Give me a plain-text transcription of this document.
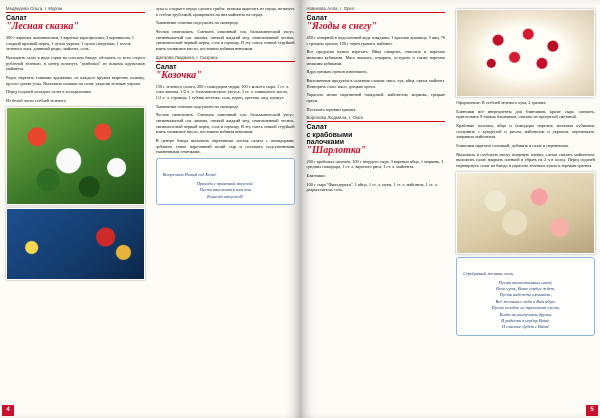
Медведева Ольга, г. Муром
Салат
"Лесная сказка"

200 г вареных шампиньонов, 3 вареные картофелины, 2 корнишона, 1 сладкий красный перец, 1 пучок укропа, 1 пучок петрушки, 1 пучок зеленого лука, длинный редис, майонез, соль.

Выложить салат в виде горки на плоском блюде, обсыпать со всех сторон рубленой зеленью, в центр воткнуть "грибочки" из шляпок кружочков майонеза.

Редис нарезать тонкими кружками, из каждого кружка вырезать шляпку, просто срезав углы. Выложить шляпки на салат, украсив зеленью укропа.

Перед подачей охладить салат в холодильнике.

Из белой части стеблей зеленого

лука и сладкого перца сделать грибы: шляпки вырезать из перца, воткнуть в стебли трубочкой, прикрепить на низ майонеза на перца.

Тыквенные семечки подсушить на сковороде.

Чеснок измельчить. Смешать лимонный сок, бальзамический уксус, свежевыжатый сок лимона, свежий жидкий мед, измельченный чеснок, свежемолотый черный перец, соль и горчицу. В эту смесь тонкой струйкой влить оливковое масло, постоянно взбивая венчиком.

Щепкова Людмила, г. Сызрань
Салат
"Козочка"

150 г зеленого салата, 200 г помидоров черри, 100 г козьего сыра, 1 ст. л. сока лимона, 1/2 ч. л. бальзамического уксуса, 3 ст. л. оливкового масла, 1/2 ч. л. горчицы, 1 зубчик чеснока, соль, перец, орегано, мед, кунжут.

Тыквенные семечки подсушить на сковороде.

Чеснок измельчить. Смешать лимонный сок, бальзамический уксус, свежевыжатый сок лимона, свежий жидкий мед, измельченный чеснок, свежемолотый черный перец, соль и горчицу. В эту смесь тонкой струйкой влить оливковое масло, постоянно взбивая венчиком.

В центре блюда выложить нарезанные листья салата с помидорами, добавить тонко нарезанный козий сыр и посыпать подсушенными тыквенными семечками.

Встречаем Новый год Козы!
Приходи с приятной закуской,
Пусть наполнится нам пая
Кошелёк капустой!
4
Новикова Алла, г. Орел
Салат
"Ягоды в снегу"

450 г отварной в подсоленной воде говядины, 1 красная луковица, 5 яиц, 70 г грецких орехов, 100 г зерен граната, майонез.

Все продукты нужно нарезать. Яйца отварить, очистить и нарезать мелкими кубиками. Мясо вымыть, отварить, остудить и также нарезать мелкими кубиками.

Ядра грецких орехов измельчить.

Выложенные продукты в салатник слоями: мясо, лук, яйца, орехи, майонез. Повторить слои: мясо, грецкие орехи.

Украсить мелко нарезанной говядиной, майонезом, морковь, грецкие орехи.

Посыпать зернами граната.

Воронова Людмила, г. Омск
Салат
с крабовыми
палочками
"Шарлотка"

200 г крабовых палочек, 100 г твердого сыра, 3 вареных яйца, 1 морковь, 3 средних помидора, 1 ст. л. вареного риса, 1 ст. л. майонеза.

Блинчики:

100 г сыра "Фиалдерьки", 1 яйцо, 1 ст. л. муки, 1 ст. л. майонеза, 1 ст. л. разрыхлителя, соль.

Оформление: В стеблей зеленого лука, 2 граната.

Блинчики все ингредиенты для блинчиков, кроме сыра, смешать, приготовить 9 тонких блинчиков, смазать их прогретой сметаной.

Крабовые палочки, яйца и помидоры нарезать мелкими кубиками, соединить с кукурузой и рисом, майонезом и укропом, перемешать, заправить майонезом.

Блинчики нарезать соломкой, добавить в салат и перемешать.

Выложить в глубокую миску пищевую пленку, слегка смазать майонезом, выложить салат, накрыть пленкой и убрать на 2 ч в холод. Перед подачей перевернуть салат на блюдо и украсить зеленым луком и зернами граната.

Серебряный желанье ночи,
Пусть таинственных огней,
Ночь чуть, Ваше сердце ждет,
Пусть надежды оживают,
Всё желанья с неба к Вам идут,
Пусть холодок не тревожит пусть,
Когда на наилучшем друзья,
И радость в сердце Ваше,
И счастье будет с Вами!
5
